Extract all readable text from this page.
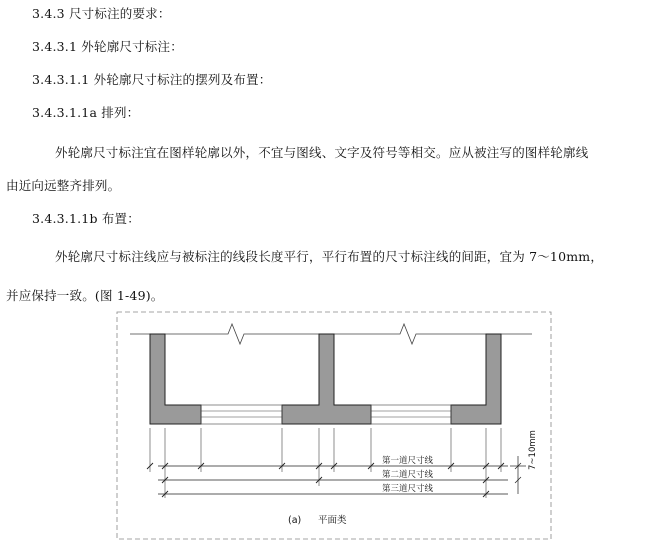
3.4.3 尺寸标注的要求：
3.4.3.1 外轮廓尺寸标注：
3.4.3.1.1 外轮廓尺寸标注的摆列及布置：
3.4.3.1.1a 排列：
外轮廓尺寸标注宜在图样轮廓以外，不宜与图线、文字及符号等相交。应从被注写的图样轮廓线
由近向远整齐排列。
3.4.3.1.1b 布置：
外轮廓尺寸标注线应与被标注的线段长度平行，平行布置的尺寸标注线的间距，宜为 7～10mm，
并应保持一致。(图 1-49)。
7~10mm
第一道尺寸线
第二道尺寸线
第三道尺寸线
(a) 平面类
